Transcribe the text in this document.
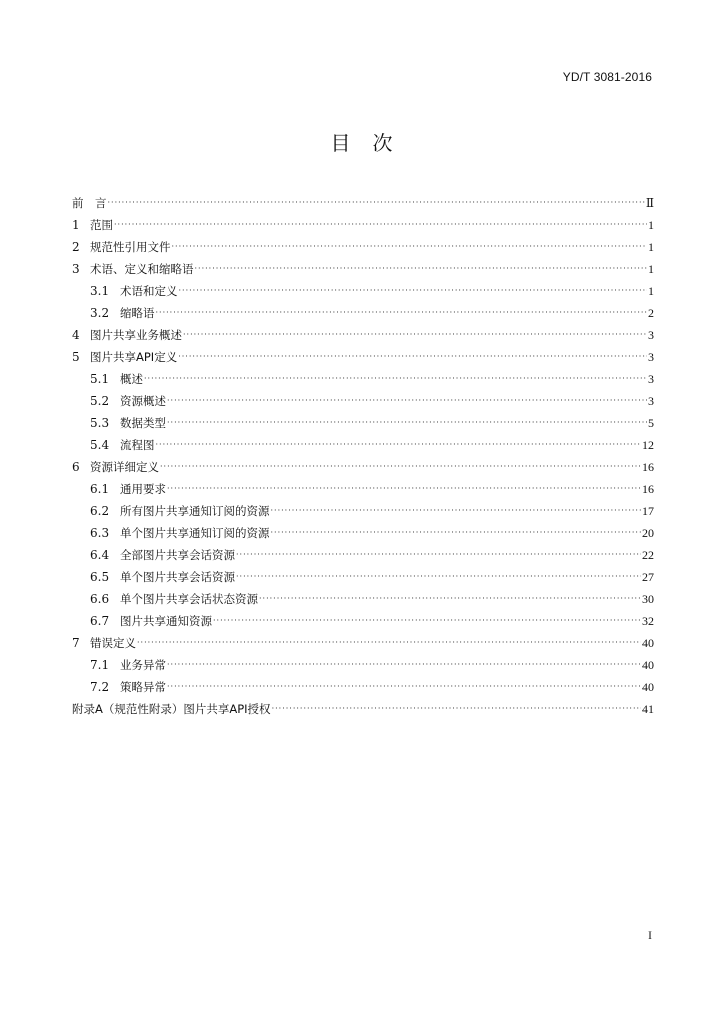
YD/T 3081-2016
目　次
前　言 ·····	Ⅱ
1 范围 ·····	1
2 规范性引用文件 ·····	1
3 术语、定义和缩略语 ·····	1
3.1 术语和定义 ·····	1
3.2 缩略语 ·····	2
4 图片共享业务概述 ·····	3
5 图片共享API定义 ·····	3
5.1 概述 ·····	3
5.2 资源概述 ·····	3
5.3 数据类型 ·····	5
5.4 流程图 ·····	12
6 资源详细定义 ·····	16
6.1 通用要求 ·····	16
6.2 所有图片共享通知订阅的资源 ·····	17
6.3 单个图片共享通知订阅的资源 ·····	20
6.4 全部图片共享会话资源 ·····	22
6.5 单个图片共享会话资源 ·····	27
6.6 单个图片共享会话状态资源 ·····	30
6.7 图片共享通知资源 ·····	32
7 错误定义 ·····	40
7.1 业务异常 ·····	40
7.2 策略异常 ·····	40
附录A（规范性附录）图片共享API授权 ·····	41
I
